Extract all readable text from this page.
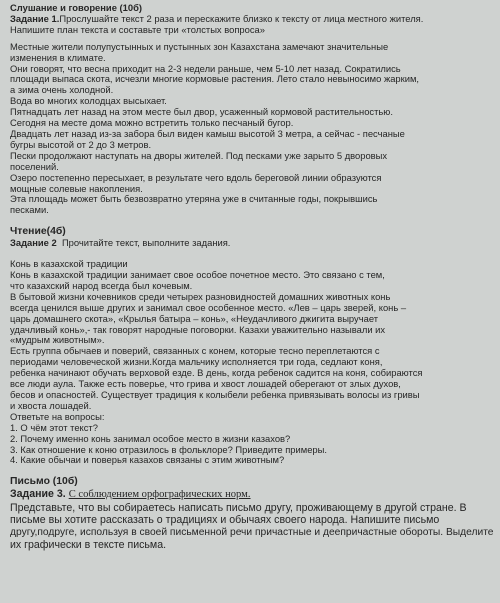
Слушание и говорение (10б)
Задание 1.Прослушайте текст 2 раза и перескажите близко к тексту от лица местного жителя.
Напишите план текста и составьте три «толстых вопроса»
Местные жители полупустынных и пустынных зон Казахстана замечают значительные
изменения в климате.
Они говорят, что весна приходит на 2-3 недели раньше, чем 5-10 лет назад. Сократились
площади выпаса скота, исчезли многие кормовые растения. Лето стало невыносимо жарким,
а зима очень холодной.
Вода во многих колодцах высыхает.
Пятнадцать лет назад на этом месте был двор, усаженный кормовой растительностью.
Сегодня на месте дома можно встретить только песчаный бугор.
Двадцать лет назад из-за забора был виден камыш высотой 3 метра, а сейчас - песчаные
бугры высотой от 2 до 3 метров.
Пески продолжают наступать на дворы жителей. Под песками уже зарыто 5 дворовых
поселений.
Озеро постепенно пересыхает, в результате чего вдоль береговой линии образуются
мощные солевые накопления.
Эта площадь может быть безвозвратно утеряна уже в считанные годы, покрывшись
песками.
Чтение(4б)
Задание 2 Прочитайте текст, выполните задания.
Конь в казахской традиции
Конь в казахской традиции занимает свое особое почетное место. Это связано с тем,
что казахский народ всегда был кочевым.
В бытовой жизни кочевников среди четырех разновидностей домашних животных конь
всегда ценился выше других и занимал свое особенное место. «Лев – царь зверей, конь –
царь домашнего скота», «Крылья батыра – конь», «Неудачливого джигита выручает
удачливый конь»,- так говорят народные поговорки. Казахи уважительно называли их
«мудрым животным».
Есть группа обычаев и поверий, связанных с конем, которые тесно переплетаются с
периодами человеческой жизни.Когда мальчику исполняется три года, седлают коня,
ребенка начинают обучать верховой езде. В день, когда ребенок садится на коня, собираются
все люди аула. Также есть поверье, что грива и хвост лошадей оберегают от злых духов,
бесов и опасностей. Существует традиция к колыбели ребенка привязывать волосы из гривы
и хвоста лошадей.
Ответьте на вопросы:
1. О чём этот текст?
2. Почему именно конь занимал особое место в жизни казахов?
3. Как отношение к коню отразилось в фольклоре? Приведите примеры.
4. Какие обычаи и поверья казахов связаны с этим животным?
Письмо (10б)
Задание 3. С соблюдением орфографических норм.
Представьте, что вы собираетесь написать письмо другу, проживающему в другой стране. В
письме вы хотите рассказать о традициях и обычаях своего народа. Напишите письмо
другу,подруге, используя в своей письменной речи причастные и деепричастные обороты. Выделите
их графически в тексте письма.
